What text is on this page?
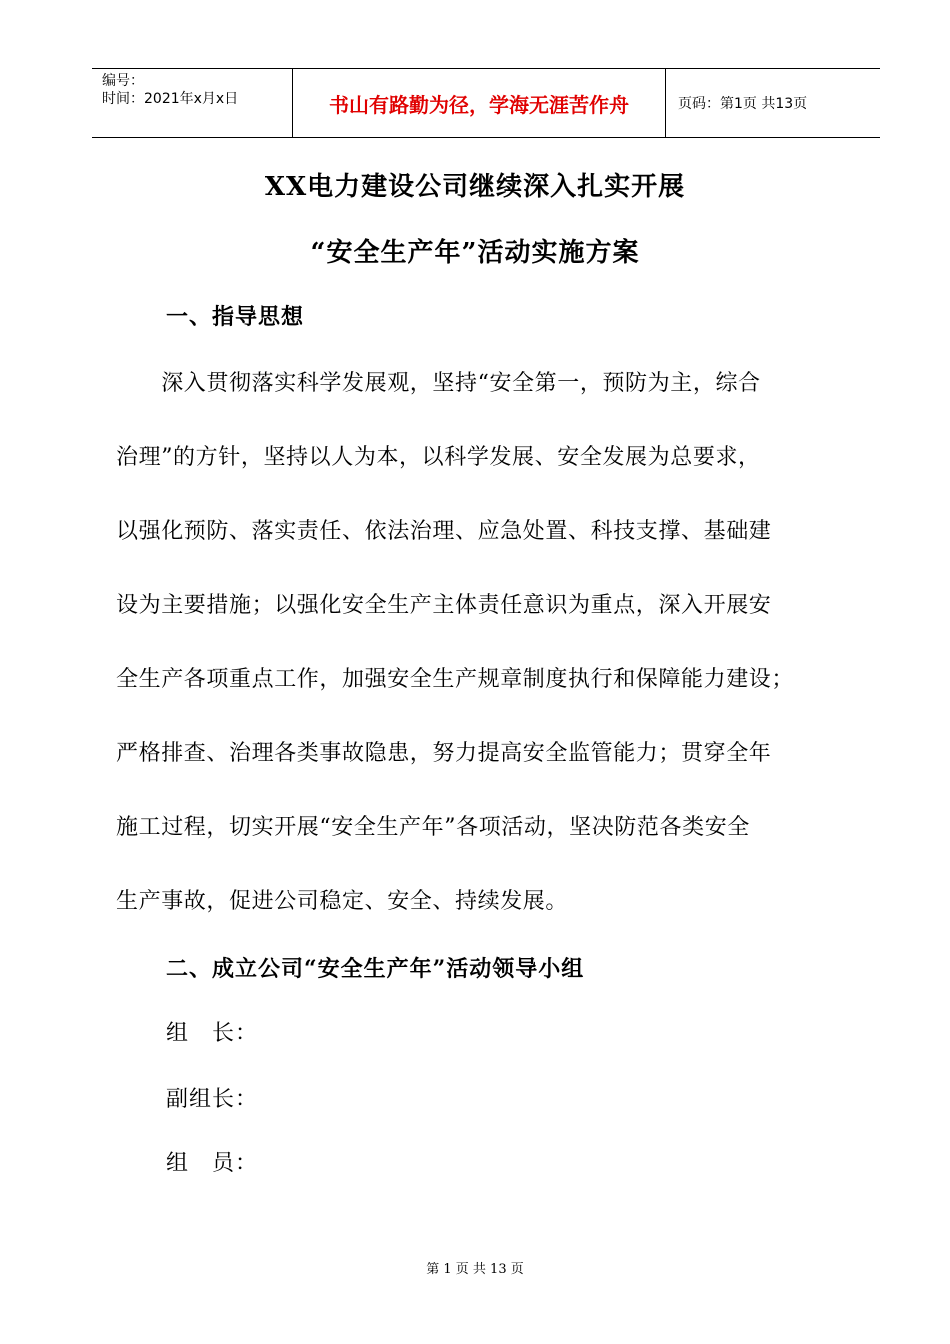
编号：
时间：2021年x月x日	书山有路勤为径，学海无涯苦作舟	页码：第1页 共13页
XX电力建设公司继续深入扎实开展
“安全生产年”活动实施方案
一、指导思想
　　深入贯彻落实科学发展观，坚持“安全第一，预防为主，综合
治理”的方针，坚持以人为本，以科学发展、安全发展为总要求，
以强化预防、落实责任、依法治理、应急处置、科技支撑、基础建
设为主要措施；以强化安全生产主体责任意识为重点，深入开展安
全生产各项重点工作，加强安全生产规章制度执行和保障能力建设；
严格排查、治理各类事故隐患，努力提高安全监管能力；贯穿全年
施工过程，切实开展“安全生产年”各项活动，坚决防范各类安全
生产事故，促进公司稳定、安全、持续发展。
二、成立公司“安全生产年”活动领导小组
组　长：
副组长：
组　员：
第 1 页 共 13 页
